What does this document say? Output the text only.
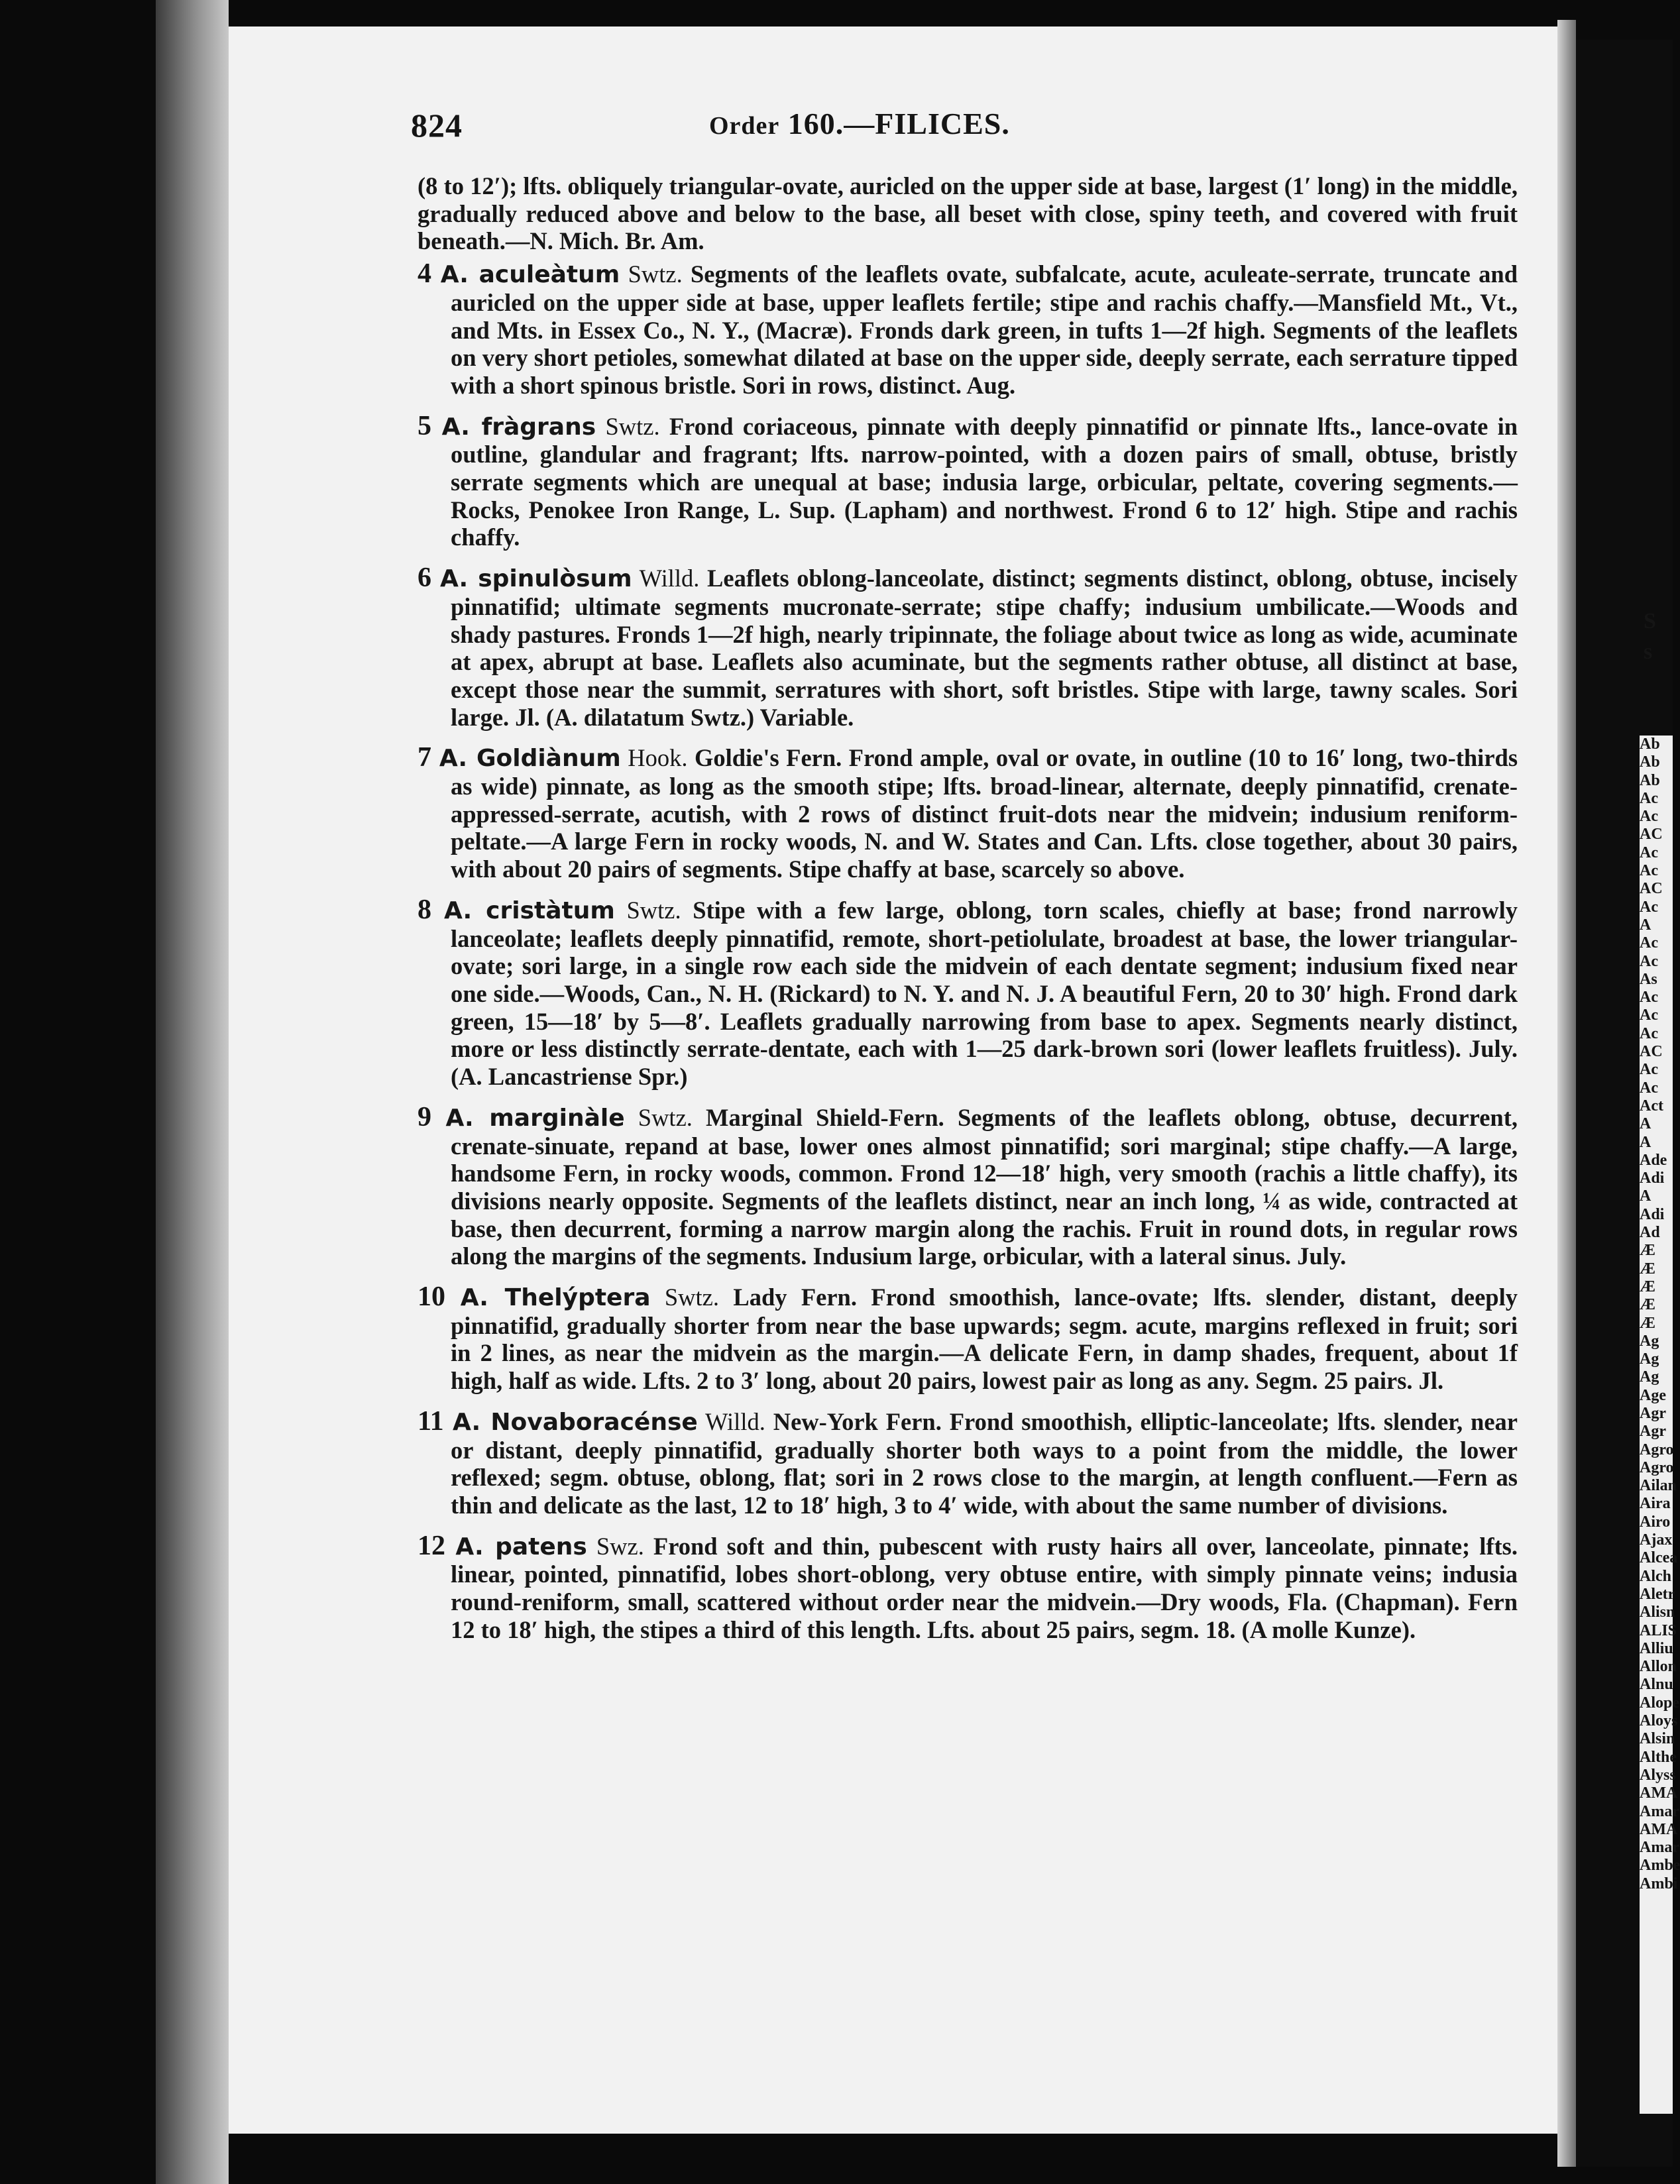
S
s
Ab
Ab
Ab
Ac
Ac
AC
Ac
Ac
AC
Ac
A
Ac
Ac
As
Ac
Ac
Ac
AC
Ac
Ac
Act
A
A
Ade
Adi
A
Adi
Ad
Æ
Æ
Æ
Æ
Æ
Ag
Ag
Ag
Age
Agr
Agr
Agro
Agro
Ailan
Aira
Airo
Ajax
Alcea
Alch
Aletr
Alisn
ALIS
Alliu
Allon
Alnu
Alope
Aloys
Alsin
Althe
Alyss
AMA
Amar
AMA
Amar
Ambe
Ambi
824	Order 160.—FILICES.

(8 to 12′); lfts. obliquely triangular-ovate, auricled on the upper side at base, largest (1′ long) in the middle, gradually reduced above and below to the base, all beset with close, spiny teeth, and covered with fruit beneath.—N. Mich. Br. Am.

4 A. aculeàtum Swtz. Segments of the leaflets ovate, subfalcate, acute, aculeate-serrate, truncate and auricled on the upper side at base, upper leaflets fertile; stipe and rachis chaffy.—Mansfield Mt., Vt., and Mts. in Essex Co., N. Y., (Macræ). Fronds dark green, in tufts 1—2f high. Segments of the leaflets on very short petioles, somewhat dilated at base on the upper side, deeply serrate, each serrature tipped with a short spinous bristle. Sori in rows, distinct. Aug.

5 A. fràgrans Swtz. Frond coriaceous, pinnate with deeply pinnatifid or pinnate lfts., lance-ovate in outline, glandular and fragrant; lfts. narrow-pointed, with a dozen pairs of small, obtuse, bristly serrate segments which are unequal at base; indusia large, orbicular, peltate, covering segments.—Rocks, Penokee Iron Range, L. Sup. (Lapham) and northwest. Frond 6 to 12′ high. Stipe and rachis chaffy.

6 A. spinulòsum Willd. Leaflets oblong-lanceolate, distinct; segments distinct, oblong, obtuse, incisely pinnatifid; ultimate segments mucronate-serrate; stipe chaffy; indusium umbilicate.—Woods and shady pastures. Fronds 1—2f high, nearly tripinnate, the foliage about twice as long as wide, acuminate at apex, abrupt at base. Leaflets also acuminate, but the segments rather obtuse, all distinct at base, except those near the summit, serratures with short, soft bristles. Stipe with large, tawny scales. Sori large. Jl. (A. dilatatum Swtz.) Variable.

7 A. Goldiànum Hook. Goldie's Fern. Frond ample, oval or ovate, in outline (10 to 16′ long, two-thirds as wide) pinnate, as long as the smooth stipe; lfts. broad-linear, alternate, deeply pinnatifid, crenate-appressed-serrate, acutish, with 2 rows of distinct fruit-dots near the midvein; indusium reniform-peltate.—A large Fern in rocky woods, N. and W. States and Can. Lfts. close together, about 30 pairs, with about 20 pairs of segments. Stipe chaffy at base, scarcely so above.

8 A. cristàtum Swtz. Stipe with a few large, oblong, torn scales, chiefly at base; frond narrowly lanceolate; leaflets deeply pinnatifid, remote, short-petiolulate, broadest at base, the lower triangular-ovate; sori large, in a single row each side the midvein of each dentate segment; indusium fixed near one side.—Woods, Can., N. H. (Rickard) to N. Y. and N. J. A beautiful Fern, 20 to 30′ high. Frond dark green, 15—18′ by 5—8′. Leaflets gradually narrowing from base to apex. Segments nearly distinct, more or less distinctly serrate-dentate, each with 1—25 dark-brown sori (lower leaflets fruitless). July. (A. Lancastriense Spr.)

9 A. marginàle Swtz. Marginal Shield-Fern. Segments of the leaflets oblong, obtuse, decurrent, crenate-sinuate, repand at base, lower ones almost pinnatifid; sori marginal; stipe chaffy.—A large, handsome Fern, in rocky woods, common. Frond 12—18′ high, very smooth (rachis a little chaffy), its divisions nearly opposite. Segments of the leaflets distinct, near an inch long, ¼ as wide, contracted at base, then decurrent, forming a narrow margin along the rachis. Fruit in round dots, in regular rows along the margins of the segments. Indusium large, orbicular, with a lateral sinus. July.

10 A. Thelýptera Swtz. Lady Fern. Frond smoothish, lance-ovate; lfts. slender, distant, deeply pinnatifid, gradually shorter from near the base upwards; segm. acute, margins reflexed in fruit; sori in 2 lines, as near the midvein as the margin.—A delicate Fern, in damp shades, frequent, about 1f high, half as wide. Lfts. 2 to 3′ long, about 20 pairs, lowest pair as long as any. Segm. 25 pairs. Jl.

11 A. Novaboracénse Willd. New-York Fern. Frond smoothish, elliptic-lanceolate; lfts. slender, near or distant, deeply pinnatifid, gradually shorter both ways to a point from the middle, the lower reflexed; segm. obtuse, oblong, flat; sori in 2 rows close to the margin, at length confluent.—Fern as thin and delicate as the last, 12 to 18′ high, 3 to 4′ wide, with about the same number of divisions.

12 A. patens Swz. Frond soft and thin, pubescent with rusty hairs all over, lanceolate, pinnate; lfts. linear, pointed, pinnatifid, lobes short-oblong, very obtuse entire, with simply pinnate veins; indusia round-reniform, small, scattered without order near the midvein.—Dry woods, Fla. (Chapman). Fern 12 to 18′ high, the stipes a third of this length. Lfts. about 25 pairs, segm. 18. (A molle Kunze).
